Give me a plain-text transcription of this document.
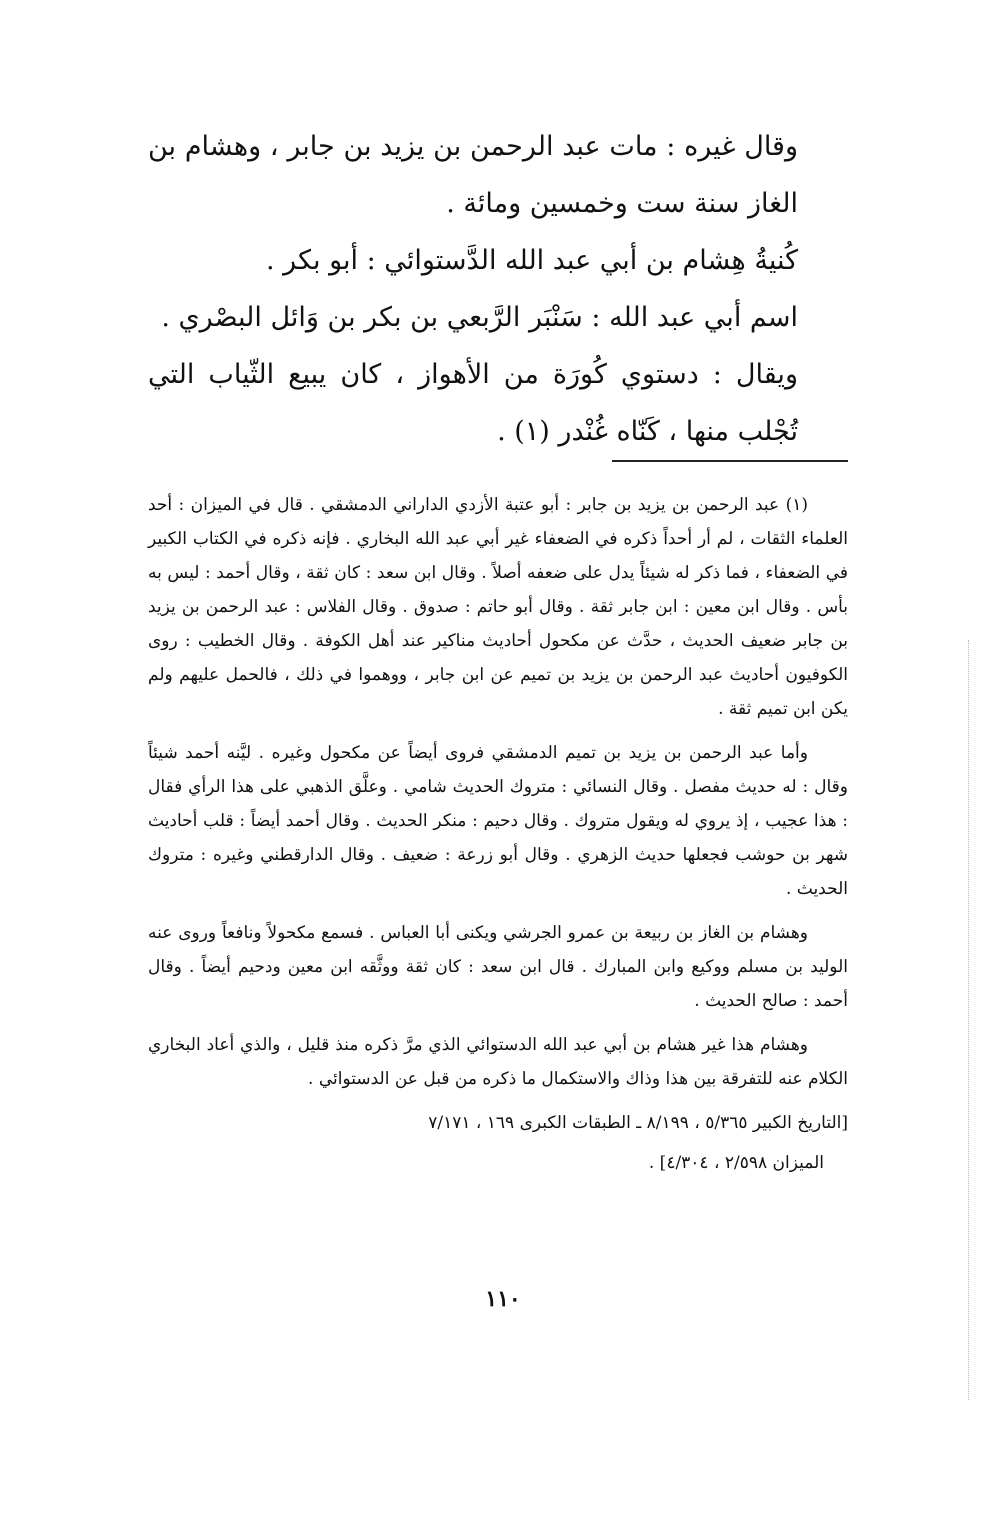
وقال غيره : مات عبد الرحمن بن يزيد بن جابر ، وهشام بن الغاز سنة ست وخمسين ومائة .

كُنيةُ هِشام بن أبي عبد الله الدَّستوائي : أبو بكر .

اسم أبي عبد الله : سَنْبَر الرَّبعي بن بكر بن وَائل البصْري .

ويقال : دستوي كُورَة من الأهواز ، كان يبيع الثّياب التي تُجْلب منها ، كَنّاه غُنْدر (١) .

(١) عبد الرحمن بن يزيد بن جابر : أبو عتبة الأزدي الداراني الدمشقي . قال في الميزان : أحد العلماء الثقات ، لم أر أحداً ذكره في الضعفاء غير أبي عبد الله البخاري . فإنه ذكره في الكتاب الكبير في الضعفاء ، فما ذكر له شيئاً يدل على ضعفه أصلاً . وقال ابن سعد : كان ثقة ، وقال أحمد : ليس به بأس . وقال ابن معين : ابن جابر ثقة . وقال أبو حاتم : صدوق . وقال الفلاس : عبد الرحمن بن يزيد بن جابر ضعيف الحديث ، حدَّث عن مكحول أحاديث مناكير عند أهل الكوفة . وقال الخطيب : روى الكوفيون أحاديث عبد الرحمن بن يزيد بن تميم عن ابن جابر ، ووهموا في ذلك ، فالحمل عليهم ولم يكن ابن تميم ثقة .

وأما عبد الرحمن بن يزيد بن تميم الدمشقي فروى أيضاً عن مكحول وغيره . ليَّنه أحمد شيئاً وقال : له حديث مفصل . وقال النسائي : متروك الحديث شامي . وعلَّق الذهبي على هذا الرأي فقال : هذا عجيب ، إذ يروي له ويقول متروك . وقال دحيم : منكر الحديث . وقال أحمد أيضاً : قلب أحاديث شهر بن حوشب فجعلها حديث الزهري . وقال أبو زرعة : ضعيف . وقال الدارقطني وغيره : متروك الحديث .

وهشام بن الغاز بن ربيعة بن عمرو الجرشي ويكنى أبا العباس . فسمع مكحولاً ونافعاً وروى عنه الوليد بن مسلم ووكيع وابن المبارك . قال ابن سعد : كان ثقة ووثَّقه ابن معين ودحيم أيضاً . وقال أحمد : صالح الحديث .

وهشام هذا غير هشام بن أبي عبد الله الدستوائي الذي مرَّ ذكره منذ قليل ، والذي أعاد البخاري الكلام عنه للتفرقة بين هذا وذاك والاستكمال ما ذكره من قبل عن الدستوائي .

[التاريخ الكبير ٥/٣٦٥ ، ٨/١٩٩ ـ الطبقات الكبرى ١٦٩ ، ٧/١٧١

الميزان ٢/٥٩٨ ، ٤/٣٠٤] .

١١٠
